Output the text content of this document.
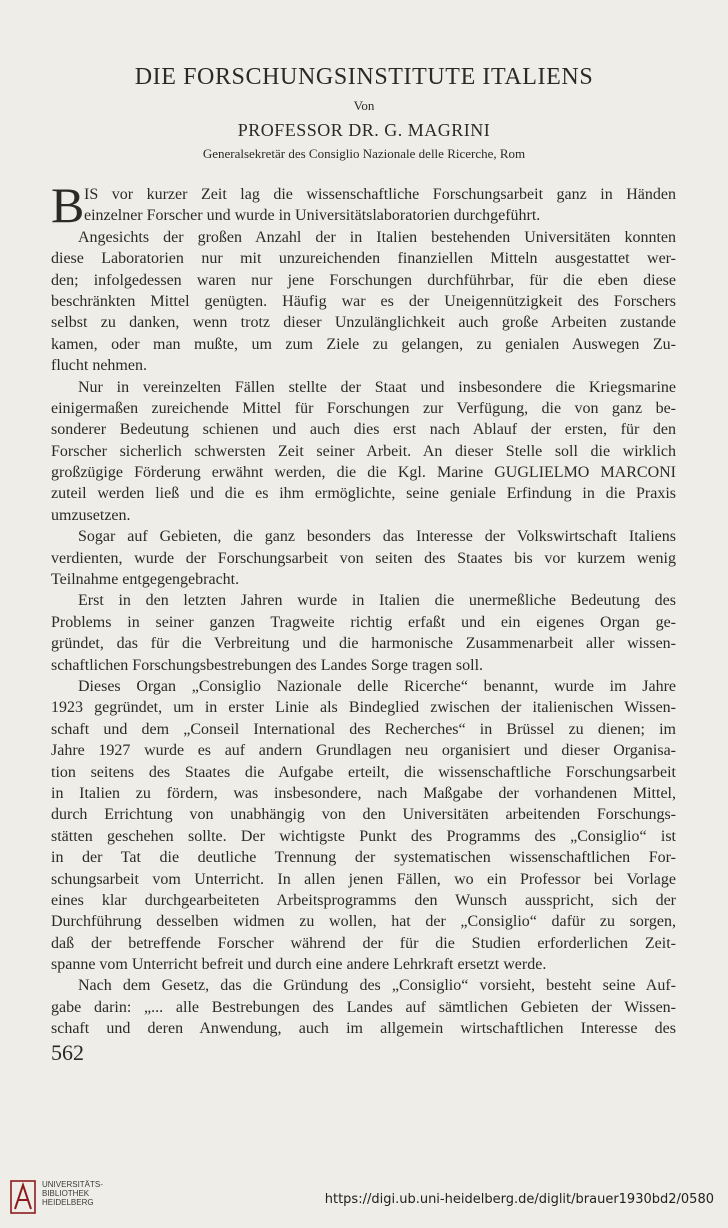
DIE FORSCHUNGSINSTITUTE ITALIENS
Von
PROFESSOR DR. G. MAGRINI
Generalsekretär des Consiglio Nazionale delle Ricerche, Rom
B IS vor kurzer Zeit lag die wissenschaftliche Forschungsarbeit ganz in Händen
einzelner Forscher und wurde in Universitätslaboratorien durchgeführt.
Angesichts der großen Anzahl der in Italien bestehenden Universitäten konnten
diese Laboratorien nur mit unzureichenden finanziellen Mitteln ausgestattet wer-
den; infolgedessen waren nur jene Forschungen durchführbar, für die eben diese
beschränkten Mittel genügten. Häufig war es der Uneigennützigkeit des Forschers
selbst zu danken, wenn trotz dieser Unzulänglichkeit auch große Arbeiten zustande
kamen, oder man mußte, um zum Ziele zu gelangen, zu genialen Auswegen Zu-
flucht nehmen.
Nur in vereinzelten Fällen stellte der Staat und insbesondere die Kriegsmarine
einigermaßen zureichende Mittel für Forschungen zur Verfügung, die von ganz be-
sonderer Bedeutung schienen und auch dies erst nach Ablauf der ersten, für den
Forscher sicherlich schwersten Zeit seiner Arbeit. An dieser Stelle soll die wirklich
großzügige Förderung erwähnt werden, die die Kgl. Marine GUGLIELMO MARCONI
zuteil werden ließ und die es ihm ermöglichte, seine geniale Erfindung in die Praxis
umzusetzen.
Sogar auf Gebieten, die ganz besonders das Interesse der Volkswirtschaft Italiens
verdienten, wurde der Forschungsarbeit von seiten des Staates bis vor kurzem wenig
Teilnahme entgegengebracht.
Erst in den letzten Jahren wurde in Italien die unermeßliche Bedeutung des
Problems in seiner ganzen Tragweite richtig erfaßt und ein eigenes Organ ge-
gründet, das für die Verbreitung und die harmonische Zusammenarbeit aller wissen-
schaftlichen Forschungsbestrebungen des Landes Sorge tragen soll.
Dieses Organ „Consiglio Nazionale delle Ricerche“ benannt, wurde im Jahre
1923 gegründet, um in erster Linie als Bindeglied zwischen der italienischen Wissen-
schaft und dem „Conseil International des Recherches“ in Brüssel zu dienen; im
Jahre 1927 wurde es auf andern Grundlagen neu organisiert und dieser Organisa-
tion seitens des Staates die Aufgabe erteilt, die wissenschaftliche Forschungsarbeit
in Italien zu fördern, was insbesondere, nach Maßgabe der vorhandenen Mittel,
durch Errichtung von unabhängig von den Universitäten arbeitenden Forschungs-
stätten geschehen sollte. Der wichtigste Punkt des Programms des „Consiglio“ ist
in der Tat die deutliche Trennung der systematischen wissenschaftlichen For-
schungsarbeit vom Unterricht. In allen jenen Fällen, wo ein Professor bei Vorlage
eines klar durchgearbeiteten Arbeitsprogramms den Wunsch ausspricht, sich der
Durchführung desselben widmen zu wollen, hat der „Consiglio“ dafür zu sorgen,
daß der betreffende Forscher während der für die Studien erforderlichen Zeit-
spanne vom Unterricht befreit und durch eine andere Lehrkraft ersetzt werde.
Nach dem Gesetz, das die Gründung des „Consiglio“ vorsieht, besteht seine Auf-
gabe darin: „... alle Bestrebungen des Landes auf sämtlichen Gebieten der Wissen-
schaft und deren Anwendung, auch im allgemein wirtschaftlichen Interesse des
562
UNIVERSITÄTS-
BIBLIOTHEK
HEIDELBERG	https://digi.ub.uni-heidelberg.de/diglit/brauer1930bd2/0580
